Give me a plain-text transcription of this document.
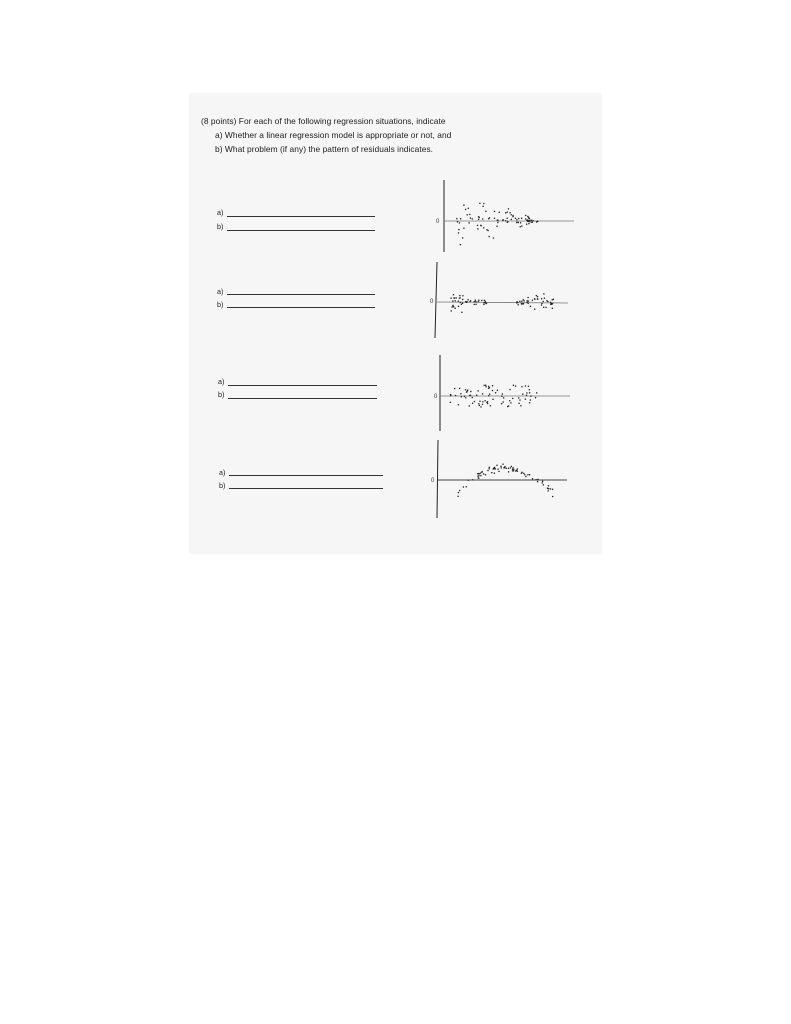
(8 points) For each of the following regression situations, indicate
a) Whether a linear regression model is appropriate or not, and
b) What problem (if any) the pattern of residuals indicates.
a)
b)	0
a)
b)	0
a)
b)	0
a)
b)	0
